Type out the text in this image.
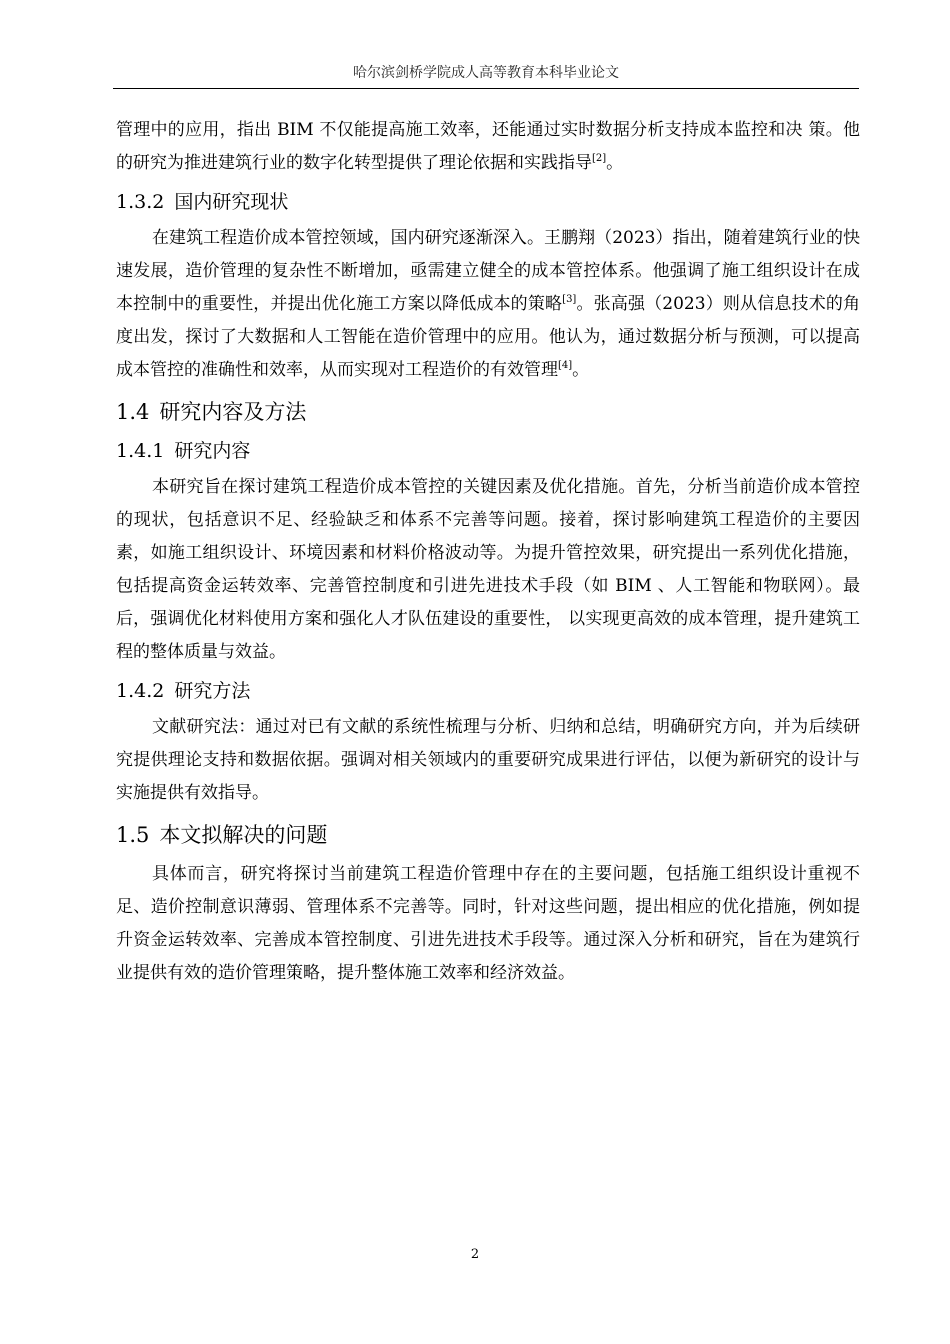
哈尔滨剑桥学院成人高等教育本科毕业论文

管理中的应用，指出 BIM 不仅能提高施工效率，还能通过实时数据分析支持成本监控和决 策。他的研究为推进建筑行业的数字化转型提供了理论依据和实践指导[2]。

1.3.2 国内研究现状

在建筑工程造价成本管控领域，国内研究逐渐深入。王鹏翔（2023）指出，随着建筑行业的快速发展，造价管理的复杂性不断增加，亟需建立健全的成本管控体系。他强调了施工组织设计在成本控制中的重要性，并提出优化施工方案以降低成本的策略[3]。张高强（2023）则从信息技术的角度出发，探讨了大数据和人工智能在造价管理中的应用。他认为，通过数据分析与预测，可以提高成本管控的准确性和效率，从而实现对工程造价的有效管理[4]。

1.4 研究内容及方法
1.4.1 研究内容

本研究旨在探讨建筑工程造价成本管控的关键因素及优化措施。首先，分析当前造价成本管控的现状，包括意识不足、经验缺乏和体系不完善等问题。接着，探讨影响建筑工程造价的主要因素，如施工组织设计、环境因素和材料价格波动等。为提升管控效果，研究提出一系列优化措施，包括提高资金运转效率、完善管控制度和引进先进技术手段（如 BIM 、人工智能和物联网）。最后，强调优化材料使用方案和强化人才队伍建设的重要性， 以实现更高效的成本管理，提升建筑工程的整体质量与效益。

1.4.2 研究方法

文献研究法：通过对已有文献的系统性梳理与分析、归纳和总结，明确研究方向，并为后续研究提供理论支持和数据依据。强调对相关领域内的重要研究成果进行评估，以便为新研究的设计与实施提供有效指导。

1.5 本文拟解决的问题

具体而言，研究将探讨当前建筑工程造价管理中存在的主要问题，包括施工组织设计重视不足、造价控制意识薄弱、管理体系不完善等。同时，针对这些问题，提出相应的优化措施，例如提升资金运转效率、完善成本管控制度、引进先进技术手段等。通过深入分析和研究，旨在为建筑行业提供有效的造价管理策略，提升整体施工效率和经济效益。

2
